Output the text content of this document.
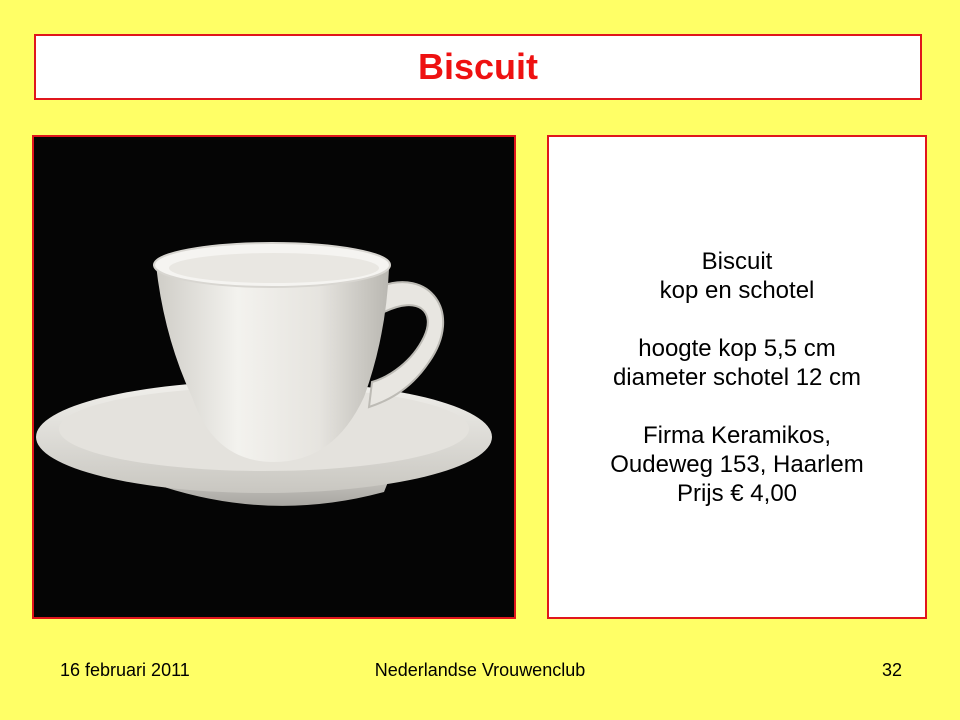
Biscuit
Biscuit
kop en schotel
hoogte kop 5,5 cm
diameter schotel 12 cm
Firma Keramikos,
Oudeweg 153, Haarlem
Prijs € 4,00
Nederlandse Vrouwenclub
16 februari 2011	32
